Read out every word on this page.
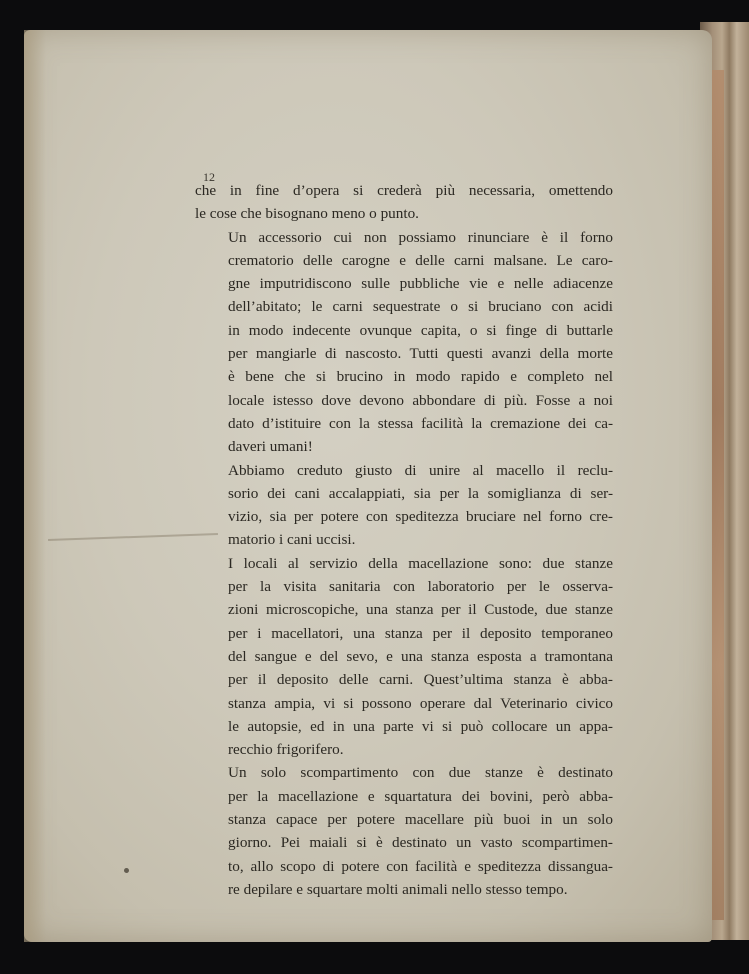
12

che in fine d’opera si crederà più necessaria, omettendo
le cose che bisognano meno o punto.
Un accessorio cui non possiamo rinunciare è il forno
crematorio delle carogne e delle carni malsane. Le caro-
gne imputridiscono sulle pubbliche vie e nelle adiacenze
dell’abitato; le carni sequestrate o si bruciano con acidi
in modo indecente ovunque capita, o si finge di buttarle
per mangiarle di nascosto. Tutti questi avanzi della morte
è bene che si brucino in modo rapido e completo nel
locale istesso dove devono abbondare di più. Fosse a noi
dato d’istituire con la stessa facilità la cremazione dei ca-
daveri umani!
Abbiamo creduto giusto di unire al macello il reclu-
sorio dei cani accalappiati, sia per la somiglianza di ser-
vizio, sia per potere con speditezza bruciare nel forno cre-
matorio i cani uccisi.
I locali al servizio della macellazione sono: due stanze
per la visita sanitaria con laboratorio per le osserva-
zioni microscopiche, una stanza per il Custode, due stanze
per i macellatori, una stanza per il deposito temporaneo
del sangue e del sevo, e una stanza esposta a tramontana
per il deposito delle carni. Quest’ultima stanza è abba-
stanza ampia, vi si possono operare dal Veterinario civico
le autopsie, ed in una parte vi si può collocare un appa-
recchio frigorifero.
Un solo scompartimento con due stanze è destinato
per la macellazione e squartatura dei bovini, però abba-
stanza capace per potere macellare più buoi in un solo
giorno. Pei maiali si è destinato un vasto scompartimen-
to, allo scopo di potere con facilità e speditezza dissangua-
re depilare e squartare molti animali nello stesso tempo.
